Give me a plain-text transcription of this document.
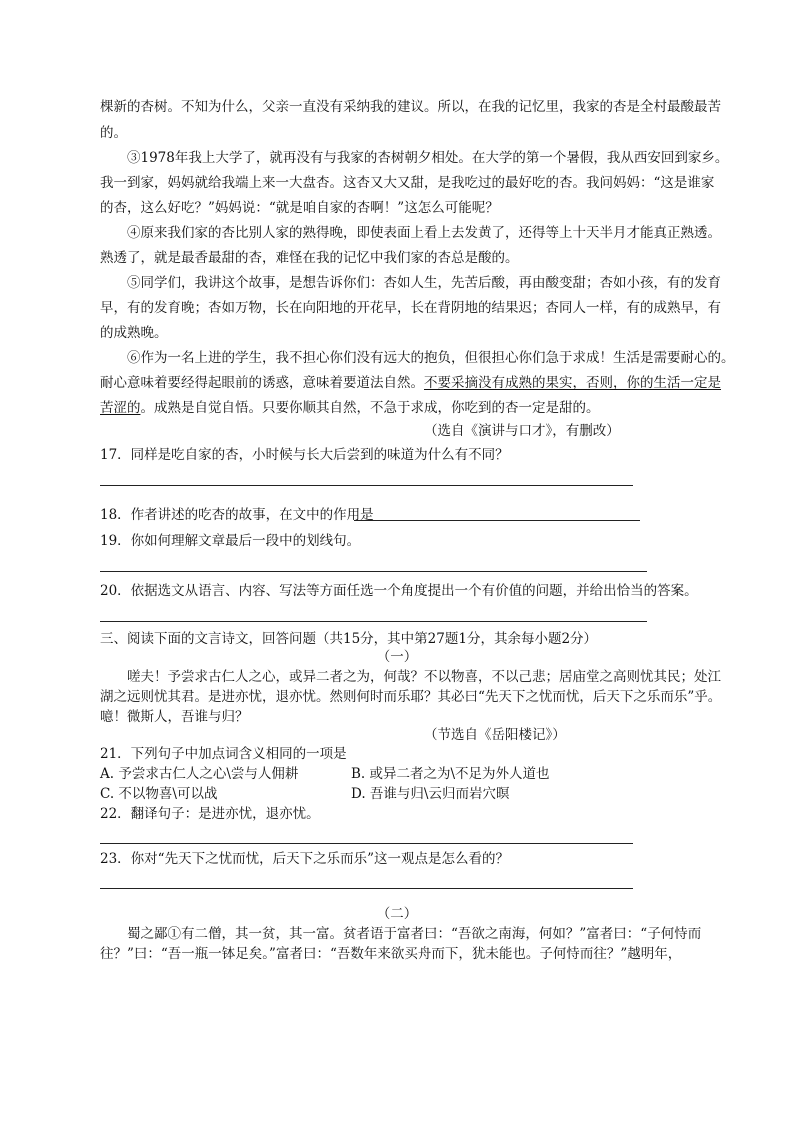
棵新的杏树。不知为什么，父亲一直没有采纳我的建议。所以，在我的记忆里，我家的杏是全村最酸最苦
的。
③1978年我上大学了，就再没有与我家的杏树朝夕相处。在大学的第一个暑假，我从西安回到家乡。
我一到家，妈妈就给我端上来一大盘杏。这杏又大又甜，是我吃过的最好吃的杏。我问妈妈：“这是谁家
的杏，这么好吃？”妈妈说：“就是咱自家的杏啊！”这怎么可能呢？
④原来我们家的杏比别人家的熟得晚，即使表面上看上去发黄了，还得等上十天半月才能真正熟透。
熟透了，就是最香最甜的杏，难怪在我的记忆中我们家的杏总是酸的。
⑤同学们，我讲这个故事，是想告诉你们：杏如人生，先苦后酸，再由酸变甜；杏如小孩，有的发育
早，有的发育晚；杏如万物，长在向阳地的开花早，长在背阴地的结果迟；杏同人一样，有的成熟早，有
的成熟晚。
⑥作为一名上进的学生，我不担心你们没有远大的抱负，但很担心你们急于求成！生活是需要耐心的。
耐心意味着要经得起眼前的诱惑，意味着要道法自然。不要采摘没有成熟的果实，否则，你的生活一定是
苦涩的。成熟是自觉自悟。只要你顺其自然，不急于求成，你吃到的杏一定是甜的。
（选自《演讲与口才》，有删改）
17．同样是吃自家的杏，小时候与长大后尝到的味道为什么有不同？
18．作者讲述的吃杏的故事，在文中的作用是
19．你如何理解文章最后一段中的划线句。
20．依据选文从语言、内容、写法等方面任选一个角度提出一个有价值的问题，并给出恰当的答案。
三、阅读下面的文言诗文，回答问题（共15分，其中第27题1分，其余每小题2分）
（一）
嗟夫！予尝求古仁人之心，或异二者之为，何哉？不以物喜，不以己悲；居庙堂之高则忧其民；处江
湖之远则忧其君。是进亦忧，退亦忧。然则何时而乐耶？其必曰“先天下之忧而忧，后天下之乐而乐”乎。
噫！微斯人，吾谁与归？
（节选自《岳阳楼记》）
21．下列句子中加点词含义相同的一项是
A. 予尝求古仁人之心\尝与人佣耕	B. 或异二者之为\不足为外人道也
C. 不以物喜\可以战	D. 吾谁与归\云归而岩穴暝
22．翻译句子：是进亦忧，退亦忧。
23．你对“先天下之忧而忧，后天下之乐而乐”这一观点是怎么看的？
（二）
蜀之鄙①有二僧，其一贫，其一富。贫者语于富者曰：“吾欲之南海，何如？”富者曰：“子何恃而
往？”曰：“吾一瓶一钵足矣。”富者曰：“吾数年来欲买舟而下，犹未能也。子何恃而往？”越明年，
